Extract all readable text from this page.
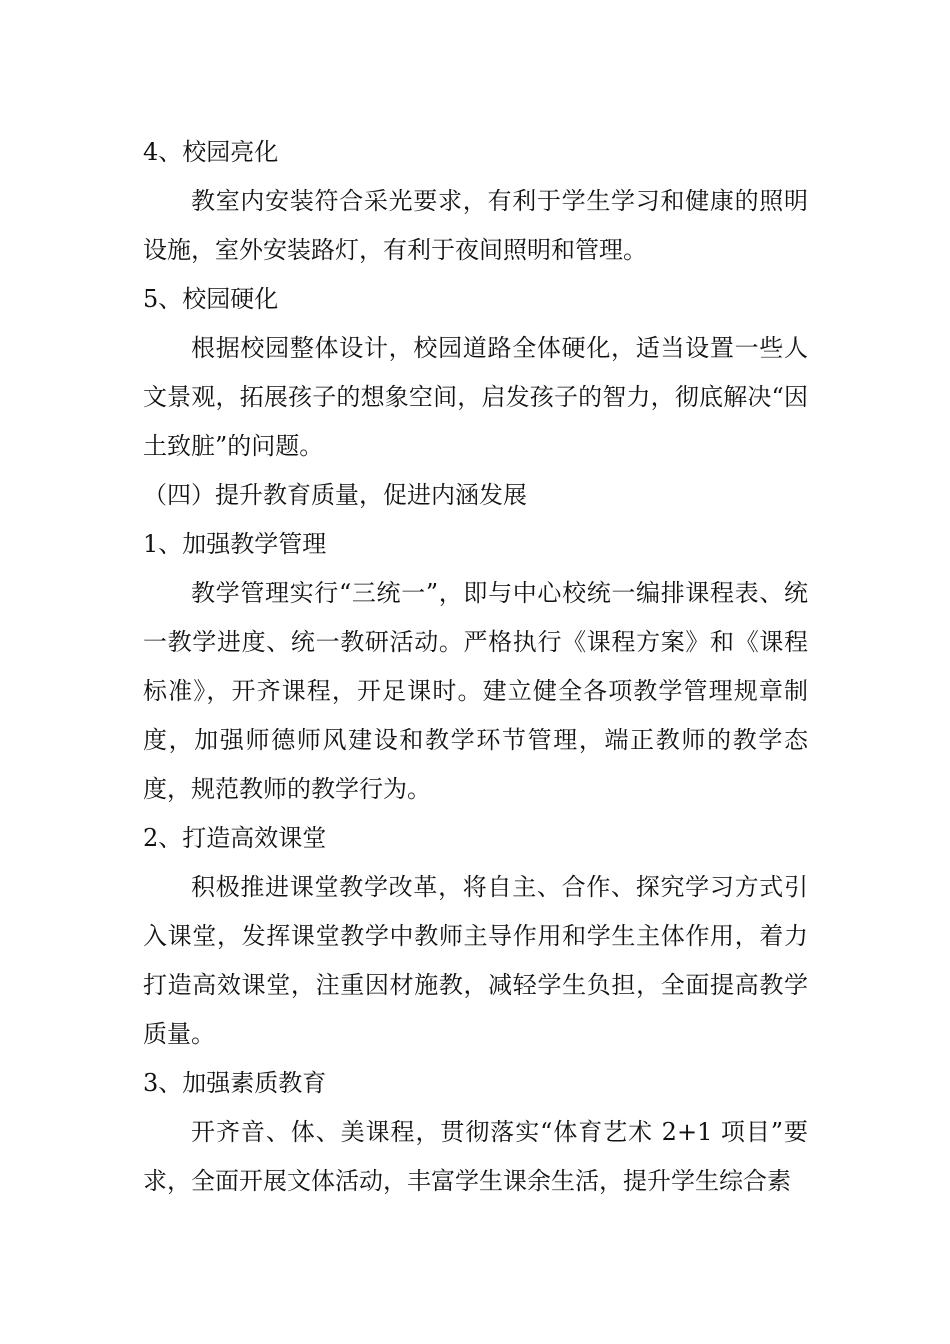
4、校园亮化

教室内安装符合采光要求，有利于学生学习和健康的照明设施，室外安装路灯，有利于夜间照明和管理。

5、校园硬化

根据校园整体设计，校园道路全体硬化，适当设置一些人文景观，拓展孩子的想象空间，启发孩子的智力，彻底解决“因土致脏”的问题。

（四）提升教育质量，促进内涵发展

1、加强教学管理

教学管理实行“三统一”，即与中心校统一编排课程表、统一教学进度、统一教研活动。严格执行《课程方案》和《课程标准》，开齐课程，开足课时。建立健全各项教学管理规章制度，加强师德师风建设和教学环节管理，端正教师的教学态度，规范教师的教学行为。

2、打造高效课堂

积极推进课堂教学改革，将自主、合作、探究学习方式引入课堂，发挥课堂教学中教师主导作用和学生主体作用，着力打造高效课堂，注重因材施教，减轻学生负担，全面提高教学质量。

3、加强素质教育

开齐音、体、美课程，贯彻落实“体育艺术 2+1 项目”要求，全面开展文体活动，丰富学生课余生活，提升学生综合素
